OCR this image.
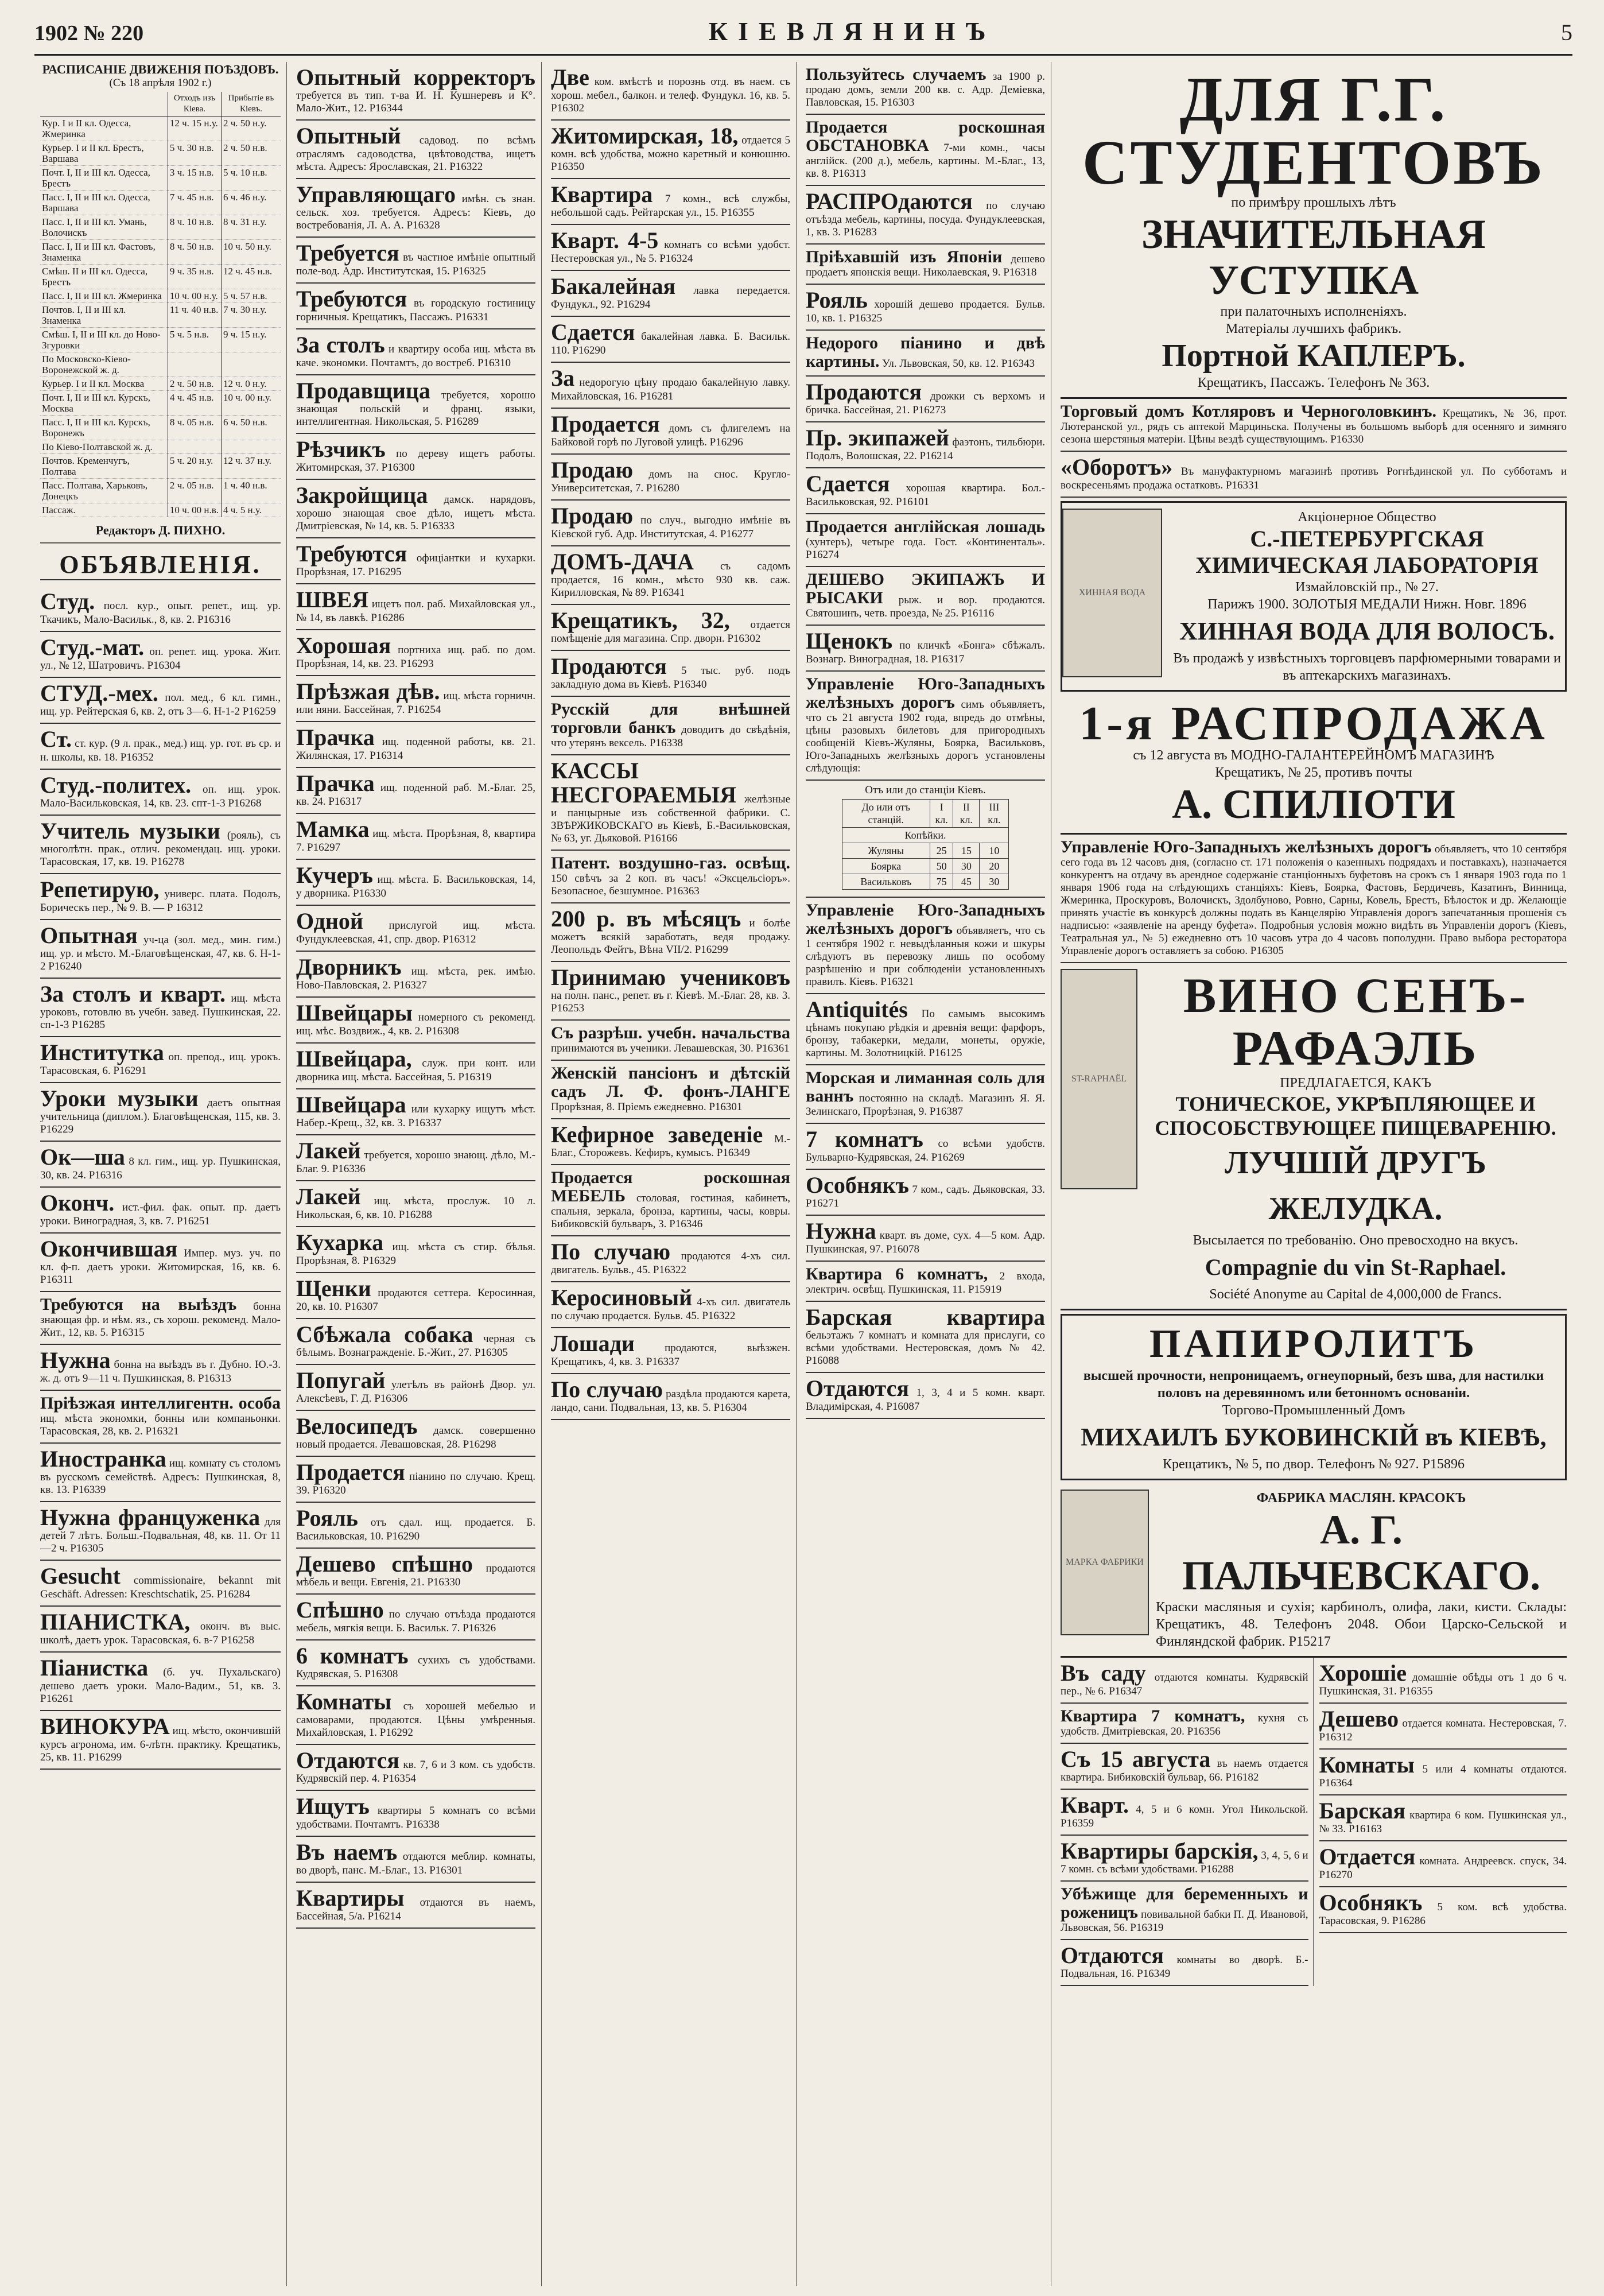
1902 № 220	КІЕВЛЯНИНЪ	5
РАСПИСАНІЕ ДВИЖЕНІЯ ПОѢЗДОВЪ.
(Съ 18 апрѣля 1902 г.)
	Отходъ изъ Кіева.	Прибытіе въ Кіевъ.
Кур. I и II кл. Одесса, Жмеринка	12 ч. 15 н.у.	2 ч. 50 н.у.
Курьер. I и II кл. Брестъ, Варшава	5 ч. 30 н.в.	2 ч. 50 н.в.
Почт. I, II и III кл. Одесса, Брестъ	3 ч. 15 н.в.	5 ч. 10 н.в.
Пасс. I, II и III кл. Одесса, Варшава	7 ч. 45 н.в.	6 ч. 46 н.у.
Пасс. I, II и III кл. Умань, Волочискъ	8 ч. 10 н.в.	8 ч. 31 н.у.
Пасс. I, II и III кл. Фастовъ, Знаменка	8 ч. 50 н.в.	10 ч. 50 н.у.
Смѣш. II и III кл. Одесса, Брестъ	9 ч. 35 н.в.	12 ч. 45 н.в.
Пасс. I, II и III кл. Жмеринка	10 ч. 00 н.у.	5 ч. 57 н.в.
Почтов. I, II и III кл. Знаменка	11 ч. 40 н.в.	7 ч. 30 н.у.
Смѣш. I, II и III кл. до Ново-Згуровки	5 ч. 5 н.в.	9 ч. 15 н.у.
По Московско-Кіево-Воронежской ж. д.		
Курьер. I и II кл. Москва	2 ч. 50 н.в.	12 ч. 0 н.у.
Почт. I, II и III кл. Курскъ, Москва	4 ч. 45 н.в.	10 ч. 00 н.у.
Пасс. I, II и III кл. Курскъ, Воронежъ	8 ч. 05 н.в.	6 ч. 50 н.в.
По Кіево-Полтавской ж. д.		
Почтов. Кременчугъ, Полтава	5 ч. 20 н.у.	12 ч. 37 н.у.
Пасс. Полтава, Харьковъ, Донецкъ	2 ч. 05 н.в.	1 ч. 40 н.в.
Пассаж.	10 ч. 00 н.в.	4 ч. 5 н.у.
Редакторъ Д. ПИХНО.
ОБЪЯВЛЕНІЯ.
Студ. посл. кур., опыт. репет., ищ. ур. Ткачикъ, Мало-Васильк., 8, кв. 2. P16316
Студ.-мат. оп. репет. ищ. урока. Жит. ул., № 12, Шатровичъ. P16304
СТУД.-мех. пол. мед., 6 кл. гимн., ищ. ур. Рейтерская 6, кв. 2, отъ 3—6. Н-1-2 P16259
Ст. ст. кур. (9 л. прак., мед.) ищ. ур. гот. въ ср. и н. школы, кв. 18. P16352
Студ.-политех. оп. ищ. урок. Мало-Васильковская, 14, кв. 23. спт-1-3 P16268
Учитель музыки (рояль), съ многолѣтн. прак., отлич. рекомендац. ищ. уроки. Тарасовская, 17, кв. 19. P16278
Репетирую, универс. плата. Подолъ, Борическъ пер., № 9. В. — Р 16312
Опытная уч-ца (зол. мед., мин. гим.) ищ. ур. и мѣсто. М.-Благовѣщенская, 47, кв. 6. Н-1-2 P16240
За столъ и кварт. ищ. мѣста уроковъ, готовлю въ учебн. завед. Пушкинская, 22. сп-1-3 P16285
Институтка оп. препод., ищ. урокъ. Тарасовская, 6. P16291
Уроки музыки даетъ опытная учительница (диплом.). Благовѣщенская, 115, кв. 3. P16229
Ок—ша 8 кл. гим., ищ. ур. Пушкинская, 30, кв. 24. P16316
Оконч. ист.-фил. фак. опыт. пр. даетъ уроки. Виноградная, 3, кв. 7. P16251
Окончившая Импер. муз. уч. по кл. ф-п. даетъ уроки. Житомирская, 16, кв. 6. P16311
Требуются на выѣздъ бонна знающая фр. и нѣм. яз., съ хорош. рекоменд. Мало-Жит., 12, кв. 5. P16315
Нужна бонна на выѣздъ въ г. Дубно. Ю.-З. ж. д. отъ 9—11 ч. Пушкинская, 8. P16313
Пріѣзжая интеллигентн. особа ищ. мѣста экономки, бонны или компаньонки. Тарасовская, 28, кв. 2. P16321
Иностранка ищ. комнату съ столомъ въ русскомъ семействѣ. Адресъ: Пушкинская, 8, кв. 13. P16339
Нужна француженка для детей 7 лѣтъ. Больш.-Подвальная, 48, кв. 11. От 11—2 ч. P16305
Gesucht commissionaire, bekannt mit Geschäft. Adressen: Kreschtschatik, 25. P16284
ПІАНИСТКА, оконч. въ выс. школѣ, даетъ урок. Тарасовская, 6. в-7 P16258
Піанистка (б. уч. Пухальскаго) дешево даетъ уроки. Мало-Вадим., 51, кв. 3. P16261
ВИНОКУРА ищ. мѣсто, окончившій курсъ агронома, им. 6-лѣтн. практику. Крещатикъ, 25, кв. 11. P16299
Опытный корректоръ требуется въ тип. т-ва И. Н. Кушнеревъ и К°. Мало-Жит., 12. P16344
Опытный садовод. по всѣмъ отраслямъ садоводства, цвѣтоводства, ищетъ мѣста. Адресъ: Ярославская, 21. P16322
Управляющаго имѣн. съ знан. сельск. хоз. требуется. Адресъ: Кіевъ, до востребованія, Л. А. А. P16328
Требуется въ частное имѣніе опытный поле-вод. Адр. Институтская, 15. P16325
Требуются въ городскую гостиницу горничныя. Крещатикъ, Пассажъ. P16331
За столъ и квартиру особа ищ. мѣста въ каче. экономки. Почтамтъ, до востреб. P16310
Продавщица требуется, хорошо знающая польскій и франц. языки, интеллигентная. Никольская, 5. P16289
Рѣзчикъ по дереву ищетъ работы. Житомирская, 37. P16300
Закройщица дамск. нарядовъ, хорошо знающая свое дѣло, ищетъ мѣста. Дмитріевская, № 14, кв. 5. P16333
Требуются офиціантки и кухарки. Прорѣзная, 17. P16295
ШВЕЯ ищетъ пол. раб. Михайловская ул., № 14, въ лавкѣ. P16286
Хорошая портниха ищ. раб. по дом. Прорѣзная, 14, кв. 23. P16293
Прѣзжая дѣв. ищ. мѣста горничн. или няни. Бассейная, 7. P16254
Прачка ищ. поденной работы, кв. 21. Жилянская, 17. P16314
Прачка ищ. поденной раб. М.-Благ. 25, кв. 24. P16317
Мамка ищ. мѣста. Прорѣзная, 8, квартира 7. P16297
Кучеръ ищ. мѣста. Б. Васильковская, 14, у дворника. P16330
Одной прислугой ищ. мѣста. Фундуклеевская, 41, спр. двор. P16312
Дворникъ ищ. мѣста, рек. имѣю. Ново-Павловская, 2. P16327
Швейцары номерного съ рекоменд. ищ. мѣс. Воздвиж., 4, кв. 2. P16308
Швейцара, служ. при конт. или дворника ищ. мѣста. Бассейная, 5. P16319
Швейцара или кухарку ищутъ мѣст. Набер.-Крещ., 32, кв. 3. P16337
Лакей требуется, хорошо знающ. дѣло, М.-Благ. 9. P16336
Лакей ищ. мѣста, прослуж. 10 л. Никольская, 6, кв. 10. P16288
Кухарка ищ. мѣста съ стир. бѣлья. Прорѣзная, 8. P16329
Щенки продаются сеттера. Керосинная, 20, кв. 10. P16307
Сбѣжала собака черная съ бѣлымъ. Вознагражденіе. Б.-Жит., 27. P16305
Попугай улетѣлъ въ районѣ Двор. ул. Алексѣевъ, Г. Д. P16306
Велосипедъ дамск. совершенно новый продается. Левашовская, 28. P16298
Продается піанино по случаю. Крещ. 39. P16320
Рояль отъ сдал. ищ. продается. Б. Васильковская, 10. P16290
Дешево спѣшно продаются мѣбель и вещи. Евгенія, 21. P16330
Спѣшно по случаю отъѣзда продаются мебель, мягкія вещи. Б. Васильк. 7. P16326
6 комнатъ сухихъ съ удобствами. Кудрявская, 5. P16308
Комнаты съ хорошей мебелью и самоварами, продаются. Цѣны умѣренныя. Михайловская, 1. P16292
Отдаются кв. 7, 6 и 3 ком. съ удобств. Кудрявскій пер. 4. P16354
Ищутъ квартиры 5 комнатъ со всѣми удобствами. Почтамтъ. P16338
Въ наемъ отдаются меблир. комнаты, во дворѣ, панс. М.-Благ., 13. P16301
Квартиры отдаются въ наемъ, Бассейная, 5/а. P16214
Две ком. вмѣстѣ и порознь отд. въ наем. съ хорош. мебел., балкон. и телеф. Фундукл. 16, кв. 5. P16302
Житомирская, 18, отдается 5 комн. всѣ удобства, можно каретный и конюшню. P16350
Квартира 7 комн., всѣ службы, небольшой садъ. Рейтарская ул., 15. P16355
Кварт. 4-5 комнатъ со всѣми удобст. Нестеровская ул., № 5. P16324
Бакалейная лавка передается. Фундукл., 92. P16294
Сдается бакалейная лавка. Б. Васильк. 110. P16290
За недорогую цѣну продаю бакалейную лавку. Михайловская, 16. P16281
Продается домъ съ флигелемъ на Байковой горѣ по Луговой улицѣ. P16296
Продаю домъ на снос. Кругло-Университетская, 7. P16280
Продаю по случ., выгодно имѣніе въ Кіевской губ. Адр. Институтская, 4. P16277
ДОМЪ-ДАЧА съ садомъ продается, 16 комн., мѣсто 930 кв. саж. Кирилловская, № 89. P16341
Крещатикъ, 32, отдается помѣщеніе для магазина. Спр. дворн. P16302
Продаются 5 тыс. руб. подъ закладную дома въ Кіевѣ. P16340
Русскій для внѣшней торговли банкъ доводитъ до свѣдѣнія, что утерянъ вексель. P16338
КАССЫ НЕСГОРАЕМЫЯ желѣзные и панцырные изъ собственной фабрики. С. ЗВѢРЖИКОВСКАГО въ Кіевѣ, Б.-Васильковская, № 63, уг. Дьяковой. P16166
Патент. воздушно-газ. освѣщ. 150 свѣчъ за 2 коп. въ часъ! «Эксцельсіоръ». Безопасное, безшумное. P16363
200 р. въ мѣсяцъ и болѣе можетъ всякій заработать, ведя продажу. Леопольдъ Фейтъ, Вѣна VII/2. P16299
Принимаю учениковъ на полн. панс., репет. въ г. Кіевѣ. М.-Благ. 28, кв. 3. P16253
Съ разрѣш. учебн. начальства принимаются въ ученики. Левашевская, 30. P16361
Женскій пансіонъ и дѣтскій садъ Л. Ф. фонъ-ЛАНГЕ Прорѣзная, 8. Пріемъ ежедневно. P16301
Кефирное заведеніе М.-Благ., Сторожевъ. Кефиръ, кумысъ. P16349
Продается роскошная МЕБЕЛЬ столовая, гостиная, кабинетъ, спальня, зеркала, бронза, картины, часы, ковры. Бибиковскій бульваръ, 3. P16346
По случаю продаются 4-хъ сил. двигатель. Бульв., 45. P16322
Керосиновый 4-хъ сил. двигатель по случаю продается. Бульв. 45. P16322
Лошади	продаются, выѣзжен. Крещатикъ, 4, кв. 3. P16337
По случаю раздѣла продаются карета, ландо, сани. Подвальная, 13, кв. 5. P16304
Пользуйтесь случаемъ за 1900 р. продаю домъ, земли 200 кв. с. Адр. Деміевка, Павловская, 15. P16303
Продается роскошная ОБСТАНОВКА 7-ми комн., часы англійск. (200 д.), мебель, картины. М.-Благ., 13, кв. 8. P16313
РАСПРОдаются по случаю отъѣзда мебель, картины, посуда. Фундуклеевская, 1, кв. 3. P16283
Пріѣхавшій изъ Японіи дешево продаетъ японскія вещи. Николаевская, 9. P16318
Рояль хорошій дешево продается. Бульв. 10, кв. 1. P16325
Недорого піанино и двѣ картины. Ул. Львовская, 50, кв. 12. P16343
Продаются дрожки съ верхомъ и бричка. Бассейная, 21. P16273
Пр. экипажей фаэтонъ, тильбюри. Подолъ, Волошская, 22. P16214
Сдается хорошая квартира. Бол.-Васильковская, 92. P16101
Продается англійская лошадь (хунтеръ), четыре года. Гост. «Континенталь». P16274
ДЕШЕВО ЭКИПАЖЪ И РЫСАКИ рыж. и вор. продаются. Святошинъ, четв. проезда, № 25. P16116
Щенокъ по кличкѣ «Бонга» сбѣжалъ. Вознагр. Виноградная, 18. P16317
Управленіе Юго-Западныхъ желѣзныхъ дорогъ симъ объявляетъ, что съ 21 августа 1902 года, впредь до отмѣны, цѣны разовыхъ билетовъ для пригородныхъ сообщеній Кіевъ-Жуляны, Боярка, Васильковъ, Юго-Западныхъ желѣзныхъ дорогъ установлены слѣдующія:
Отъ или до станціи Кіевъ.
До или отъ станцій.	I кл.	II кл.	III кл.
Копѣйки.			
Жуляны	25	15	10
Боярка	50	30	20
Васильковъ	75	45	30
Управленіе Юго-Западныхъ желѣзныхъ дорогъ объявляетъ, что съ 1 сентября 1902 г. невыдѣланныя кожи и шкуры слѣдуютъ въ перевозку лишь по особому разрѣшенію и при соблюденіи установленныхъ правилъ. Кіевъ. P16321
Antiquités По самымъ высокимъ цѣнамъ покупаю рѣдкія и древнія вещи: фарфоръ, бронзу, табакерки, медали, монеты, оружіе, картины. М. Золотницкій. P16125
Морская и лиманная соль для ваннъ постоянно на складѣ. Магазинъ Я. Я. Зелинскаго, Прорѣзная, 9. P16387
7 комнатъ со всѣми удобств. Бульварно-Кудрявская, 24. P16269
Особнякъ 7 ком., садъ. Дьяковская, 33. P16271
Нужна кварт. въ доме, сух. 4—5 ком. Адр. Пушкинская, 97. P16078
Квартира 6 комнатъ, 2 входа, электрич. освѣщ. Пушкинская, 11. P15919
Барская квартира бельэтажъ 7 комнатъ и комната для прислуги, со всѣми удобствами. Нестеровская, домъ № 42. P16088
Отдаются 1, 3, 4 и 5 комн. кварт. Владимірская, 4. P16087
ДЛЯ Г.Г. СТУДЕНТОВЪ
по примѣру прошлыхъ лѣтъ
ЗНАЧИТЕЛЬНАЯ УСТУПКА
при палаточныхъ исполненіяхъ.
Матеріалы лучшихъ фабрикъ.
Портной КАПЛЕРЪ.
Крещатикъ, Пассажъ. Телефонъ № 363.
Торговый домъ Котляровъ и Черноголовкинъ. Крещатикъ, № 36, прот. Лютеранской ул., рядъ съ аптекой Марциньска. Получены въ большомъ выборѣ для осенняго и зимняго сезона шерстяныя матеріи. Цѣны вездѣ существующимъ. P16330
«Оборотъ» Въ мануфактурномъ магазинѣ противъ Рогнѣдинской ул. По субботамъ и воскресеньямъ продажа остатковъ. P16331
ХИННАЯ ВОДА
Акціонерное Общество
С.-ПЕТЕРБУРГСКАЯ ХИМИЧЕСКАЯ ЛАБОРАТОРІЯ
Измайловскій пр., № 27.
Парижъ 1900. ЗОЛОТЫЯ МЕДАЛИ Нижн. Новг. 1896
ХИННАЯ ВОДА ДЛЯ ВОЛОСЪ.
Въ продажѣ у извѣстныхъ торговцевъ парфюмерными товарами и въ аптекарскихъ магазинахъ.
1-я РАСПРОДАЖА
съ 12 августа въ МОДНО-ГАЛАНТЕРЕЙНОМЪ МАГАЗИНѢ
Крещатикъ, № 25, противъ почты
А. СПИЛІОТИ
Управленіе Юго-Западныхъ желѣзныхъ дорогъ объявляетъ, что 10 сентября сего года въ 12 часовъ дня, (согласно ст. 171 положенія о казенныхъ подрядахъ и поставкахъ), назначается конкурентъ на отдачу въ арендное содержаніе станціонныхъ буфетовъ на срокъ съ 1 января 1903 года по 1 января 1906 года на слѣдующихъ станціяхъ: Кіевъ, Боярка, Фастовъ, Бердичевъ, Казатинъ, Винница, Жмеринка, Проскуровъ, Волочискъ, Здолбуново, Ровно, Сарны, Ковель, Брестъ, Бѣлосток и др. Желающіе принять участіе въ конкурсѣ должны подать въ Канцелярію Управленія дорогъ запечатанныя прошенія съ надписью: «заявленіе на аренду буфета». Подробныя условія можно видѣть въ Управленіи дорогъ (Кіевъ, Театральная ул., № 5) ежедневно отъ 10 часовъ утра до 4 часовъ пополудни. Право выбора ресторатора Управленіе дорогъ оставляетъ за собою. P16305
ST-RAPHAËL
ВИНО СЕНЪ-РАФАЭЛЬ
ПРЕДЛАГАЕТСЯ, КАКЪ
ТОНИЧЕСКОЕ, УКРѢПЛЯЮЩЕЕ И СПОСОБСТВУЮЩЕЕ ПИЩЕВАРЕНІЮ.
ЛУЧШІЙ ДРУГЪ ЖЕЛУДКА.
Высылается по требованію. Оно превосходно на вкусъ.
Compagnie du vin St-Raphael.
Société Anonyme au Capital de 4,000,000 de Francs.
ПАПИРОЛИТЪ
высшей прочности, непроницаемъ, огнеупорный, безъ шва, для настилки половъ на деревянномъ или бетонномъ основаніи.
Торгово-Промышленный Домъ
МИХАИЛЪ БУКОВИНСКІЙ въ КІЕВѢ,
Крещатикъ, № 5, по двор. Телефонъ № 927. P15896
МАРКА ФАБРИКИ
ФАБРИКА МАСЛЯН. КРАСОКЪ
А. Г. ПАЛЬЧЕВСКАГО.
Краски масляныя и сухія; карбинолъ, олифа, лаки, кисти. Склады: Крещатикъ, 48. Телефонъ 2048. Обои Царско-Сельской и Финляндской фабрик. P15217
Въ саду отдаются комнаты. Кудрявскій пер., № 6. P16347
Квартира 7 комнатъ, кухня съ удобств. Дмитріевская, 20. P16356
Съ 15 августа въ наемъ отдается квартира. Бибиковскій бульвар, 66. P16182
Кварт. 4, 5 и 6 комн. Угол Никольской. P16359
Квартиры барскія, 3, 4, 5, 6 и 7 комн. съ всѣми удобствами. P16288
Убѣжище для беременныхъ и роженицъ повивальной бабки П. Д. Ивановой, Львовская, 56. P16319
Отдаются комнаты во дворѣ. Б.-Подвальная, 16. P16349
Хорошіе домашніе обѣды отъ 1 до 6 ч. Пушкинская, 31. P16355
Дешево отдается комната. Нестеровская, 7. P16312
Комнаты 5 или 4 комнаты отдаются. P16364
Барская квартира 6 ком. Пушкинская ул., № 33. P16163
Отдается комната. Андреевск. спуск, 34. P16270
Особнякъ 5 ком. всѣ удобства. Тарасовская, 9. P16286
